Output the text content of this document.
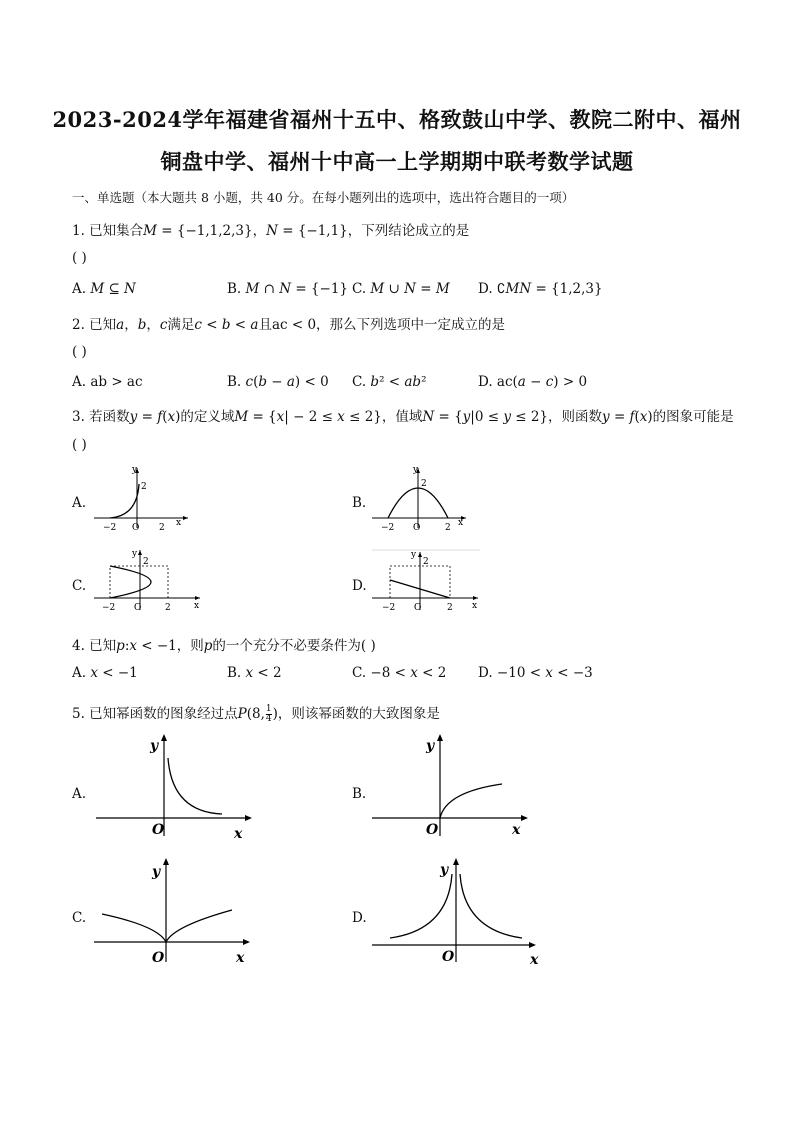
2023-2024学年福建省福州十五中、格致鼓山中学、教院二附中、福州
铜盘中学、福州十中高一上学期期中联考数学试题
一、单选题（本大题共 8 小题，共 40 分。在每小题列出的选项中，选出符合题目的一项）
1. 已知集合𝑀 = {−1,1,2,3}，𝑁 = {−1,1}，下列结论成立的是
( )
A. 𝑀 ⊆ 𝑁	B. 𝑀 ∩ 𝑁 = {−1} C. 𝑀 ∪ 𝑁 = 𝑀 D. ∁𝑀𝑁 = {1,2,3}
2. 已知𝑎，𝑏，𝑐满足𝑐 < 𝑏 < 𝑎且ac < 0，那么下列选项中一定成立的是
( )
A. ab > ac	B. 𝑐(𝑏 − 𝑎) < 0 C. 𝑏² < 𝑎𝑏²	D. ac(𝑎 − 𝑐) > 0
3. 若函数𝑦 = 𝑓(𝑥)的定义域𝑀 = {𝑥| − 2 ≤ 𝑥 ≤ 2}，值域𝑁 = {𝑦|0 ≤ 𝑦 ≤ 2}，则函数𝑦 = 𝑓(𝑥)的图象可能是
( )
A.
y
2
−2 O 2 x
B.
y
2
−2 O	2 x
C.
y
2
−2 O	2	x
D.
y
2
−2 O	2 x
4. 已知𝑝:𝑥 < −1，则𝑝的一个充分不必要条件为( )
A. 𝑥 < −1	B. 𝑥 < 2	C. −8 < 𝑥 < 2 D. −10 < 𝑥 < −3
5. 已知幂函数的图象经过点𝑃(8, $\frac{1}{4}$ )，则该幂函数的大致图象是
A.
y
O	x
B.
y
O	x
C.
y
O	x
D.
y
O	x
